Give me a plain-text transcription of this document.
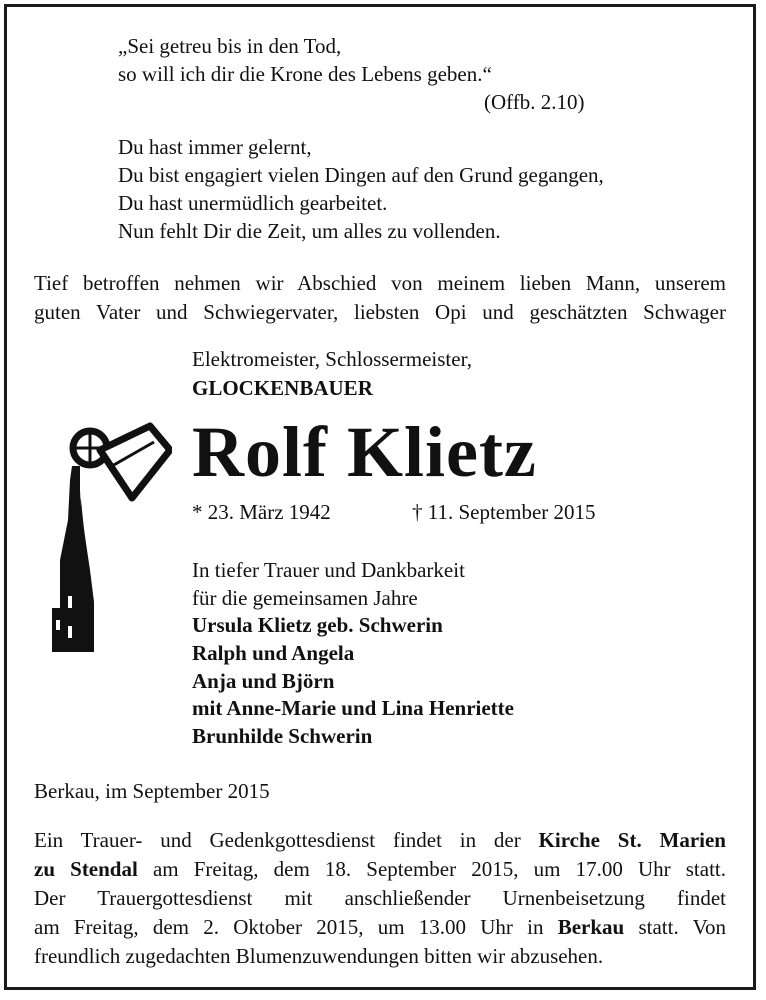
„Sei getreu bis in den Tod,
so will ich dir die Krone des Lebens geben.“
(Offb. 2.10)
Du hast immer gelernt,
Du bist engagiert vielen Dingen auf den Grund gegangen,
Du hast unermüdlich gearbeitet.
Nun fehlt Dir die Zeit, um alles zu vollenden.
Tief betroffen nehmen wir Abschied von meinem lieben Mann, unserem
guten Vater und Schwiegervater, liebsten Opi und geschätzten Schwager
Elektromeister, Schlossermeister,
GLOCKENBAUER
Rolf Klietz
* 23. März 1942	† 11. September 2015
In tiefer Trauer und Dankbarkeit
für die gemeinsamen Jahre
Ursula Klietz geb. Schwerin
Ralph und Angela
Anja und Björn
mit Anne-Marie und Lina Henriette
Brunhilde Schwerin
Berkau, im September 2015
Ein Trauer- und Gedenkgottesdienst findet in der Kirche St. Marien
zu Stendal am Freitag, dem 18. September 2015, um 17.00 Uhr statt.
Der Trauergottesdienst mit anschließender Urnenbeisetzung findet
am Freitag, dem 2. Oktober 2015, um 13.00 Uhr in Berkau statt. Von
freundlich zugedachten Blumenzuwendungen bitten wir abzusehen.
